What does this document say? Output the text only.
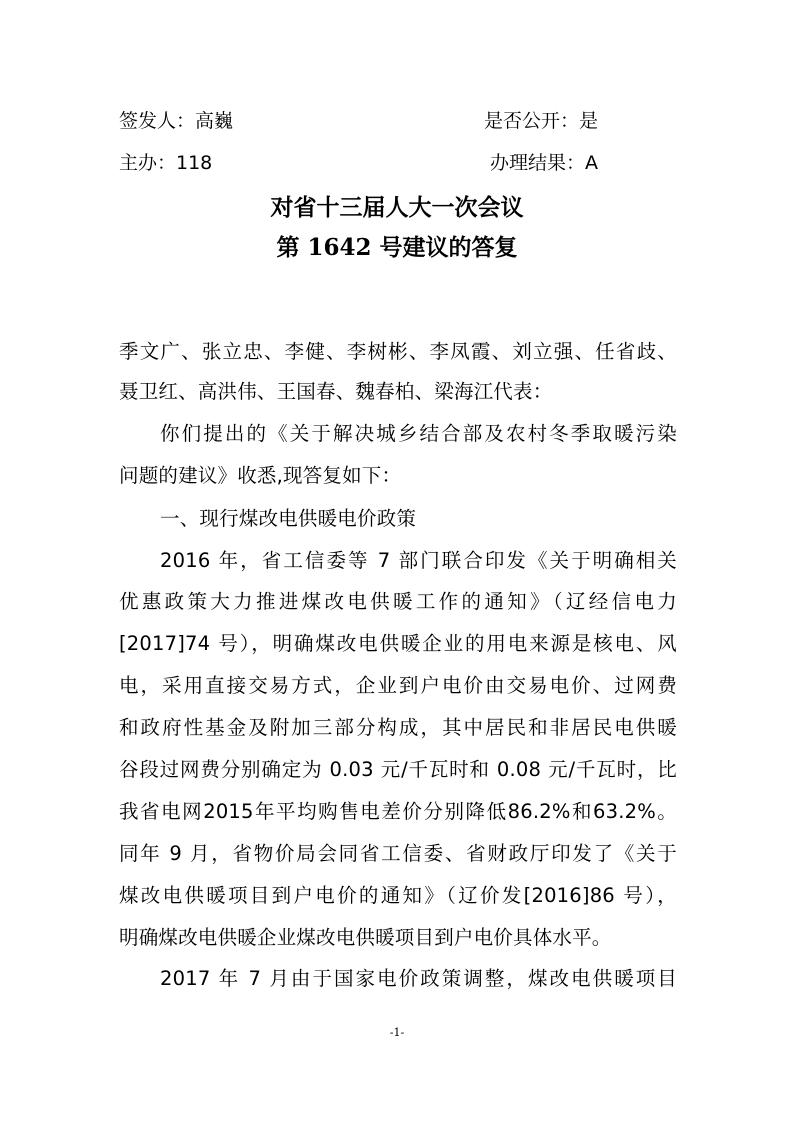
签发人：高巍	是否公开：是
主办：118	办理结果：A
对省十三届人大一次会议
第 1642 号建议的答复
季文广、张立忠、李健、李树彬、李凤霞、刘立强、任省歧、
聂卫红、高洪伟、王国春、魏春柏、梁海江代表：
你们提出的《关于解决城乡结合部及农村冬季取暖污染
问题的建议》收悉,现答复如下：
一、现行煤改电供暖电价政策
2016 年，省工信委等 7 部门联合印发《关于明确相关
优惠政策大力推进煤改电供暖工作的通知》（辽经信电力
[2017]74 号），明确煤改电供暖企业的用电来源是核电、风
电，采用直接交易方式，企业到户电价由交易电价、过网费
和政府性基金及附加三部分构成，其中居民和非居民电供暖
谷段过网费分别确定为 0.03 元/千瓦时和 0.08 元/千瓦时，比
我省电网2015年平均购售电差价分别降低86.2%和63.2%。
同年 9 月，省物价局会同省工信委、省财政厅印发了《关于
煤改电供暖项目到户电价的通知》（辽价发[2016]86 号），
明确煤改电供暖企业煤改电供暖项目到户电价具体水平。
2017 年 7 月由于国家电价政策调整，煤改电供暖项目
-1-
